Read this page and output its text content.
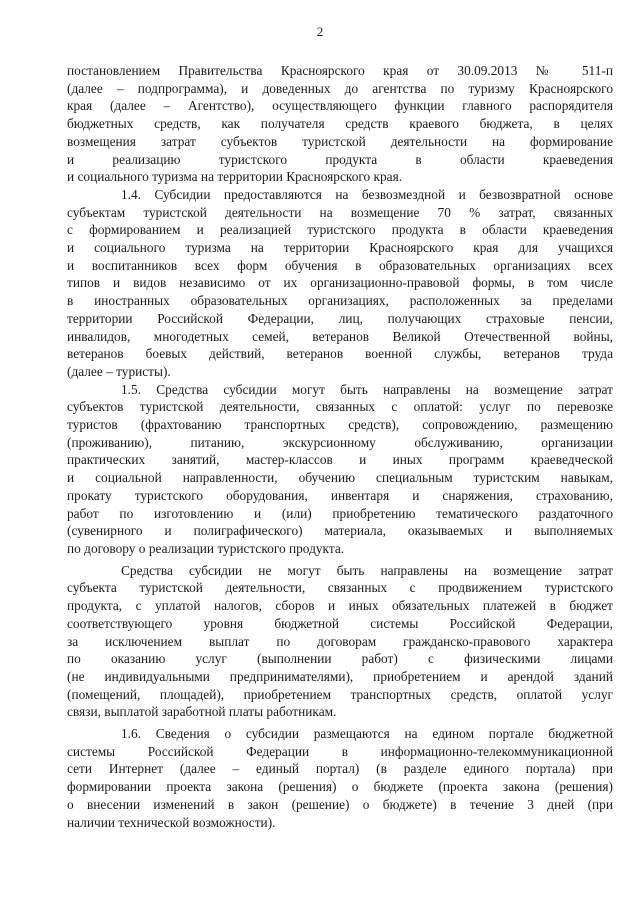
2
постановлением Правительства Красноярского края от 30.09.2013 № 511-п
(далее – подпрограмма), и доведенных до агентства по туризму Красноярского
края (далее – Агентство), осуществляющего функции главного распорядителя
бюджетных средств, как получателя средств краевого бюджета, в целях
возмещения затрат субъектов туристской деятельности на формирование
и реализацию туристского продукта в области краеведения
и социального туризма на территории Красноярского края.
1.4. Субсидии предоставляются на безвозмездной и безвозвратной основе
субъектам туристской деятельности на возмещение 70 % затрат, связанных
с формированием и реализацией туристского продукта в области краеведения
и социального туризма на территории Красноярского края для учащихся
и воспитанников всех форм обучения в образовательных организациях всех
типов и видов независимо от их организационно-правовой формы, в том числе
в иностранных образовательных организациях, расположенных за пределами
территории Российской Федерации, лиц, получающих страховые пенсии,
инвалидов, многодетных семей, ветеранов Великой Отечественной войны,
ветеранов боевых действий, ветеранов военной службы, ветеранов труда
(далее – туристы).
1.5. Средства субсидии могут быть направлены на возмещение затрат
субъектов туристской деятельности, связанных с оплатой: услуг по перевозке
туристов (фрахтованию транспортных средств), сопровождению, размещению
(проживанию), питанию, экскурсионному обслуживанию, организации
практических занятий, мастер-классов и иных программ краеведческой
и социальной направленности, обучению специальным туристским навыкам,
прокату туристского оборудования, инвентаря и снаряжения, страхованию,
работ по изготовлению и (или) приобретению тематического раздаточного
(сувенирного и полиграфического) материала, оказываемых и выполняемых
по договору о реализации туристского продукта.
Средства субсидии не могут быть направлены на возмещение затрат
субъекта туристской деятельности, связанных с продвижением туристского
продукта, с уплатой налогов, сборов и иных обязательных платежей в бюджет
соответствующего уровня бюджетной системы Российской Федерации,
за исключением выплат по договорам гражданско-правового характера
по оказанию услуг (выполнении работ) с физическими лицами
(не индивидуальными предпринимателями), приобретением и арендой зданий
(помещений, площадей), приобретением транспортных средств, оплатой услуг
связи, выплатой заработной платы работникам.
1.6. Сведения о субсидии размещаются на едином портале бюджетной
системы Российской Федерации в информационно-телекоммуникационной
сети Интернет (далее – единый портал) (в разделе единого портала) при
формировании проекта закона (решения) о бюджете (проекта закона (решения)
о внесении изменений в закон (решение) о бюджете) в течение 3 дней (при
наличии технической возможности).
